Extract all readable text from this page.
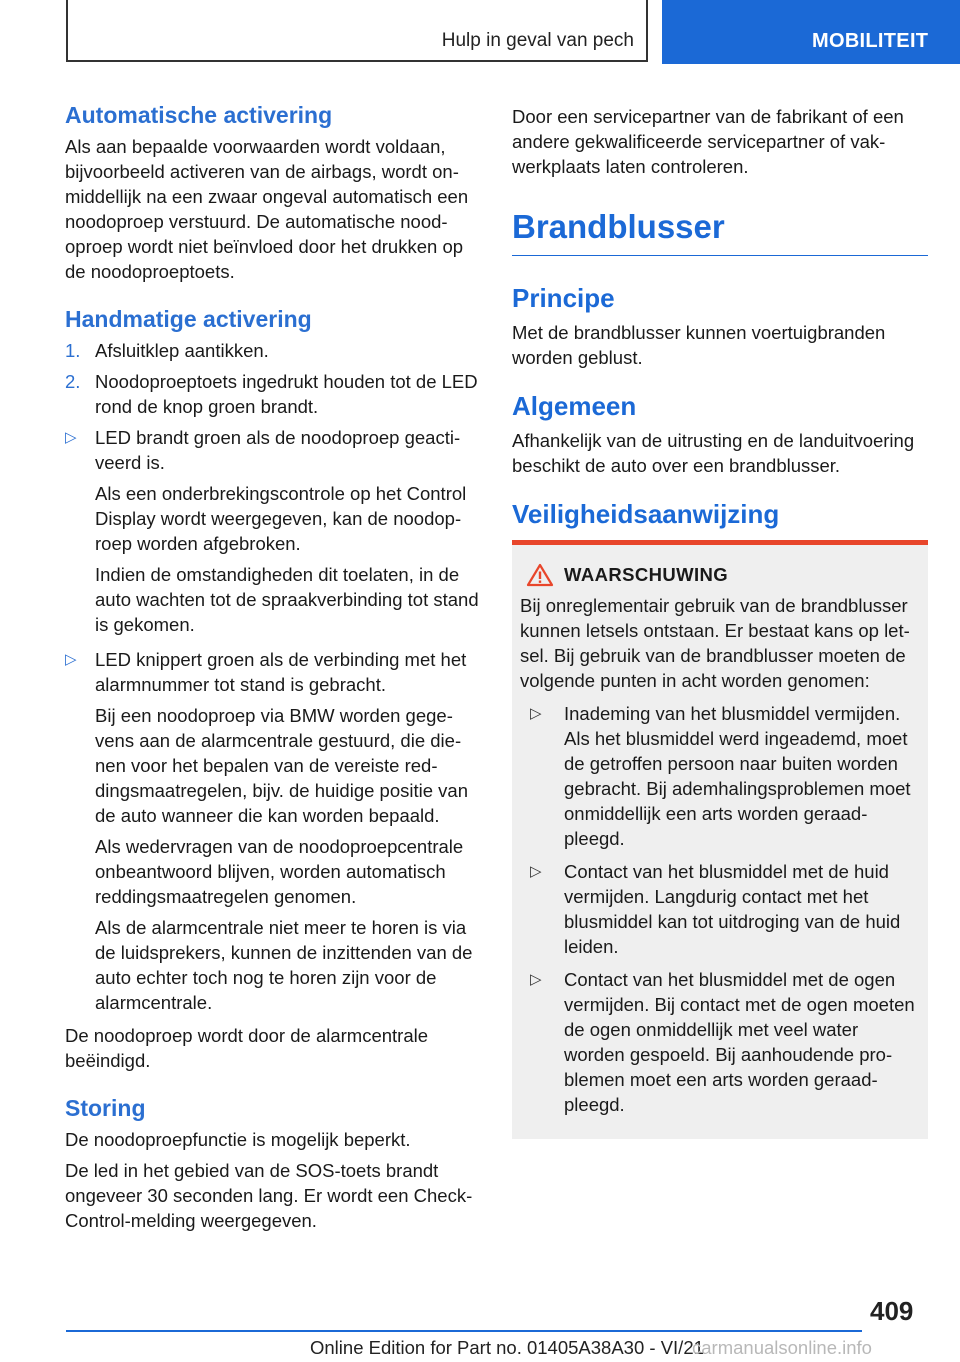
Hulp in geval van pech	MOBILITEIT
Automatische activering

Als aan bepaalde voorwaarden wordt voldaan, bijvoorbeeld activeren van de airbags, wordt onmiddellijk na een zwaar ongeval automatisch een noodoproep verstuurd. De automatische noodoproep wordt niet beïnvloed door het drukken op de noodoproeptoets.

Handmatige activering
1. Afsluitklep aantikken.
2. Noodoproeptoets ingedrukt houden tot de LED rond de knop groen brandt.
▷ LED brandt groen als de noodoproep geactiveerd is.

Als een onderbrekingscontrole op het Control Display wordt weergegeven, kan de noodoproep worden afgebroken.

Indien de omstandigheden dit toelaten, in de auto wachten tot de spraakverbinding tot stand is gekomen.

▷ LED knippert groen als de verbinding met het alarmnummer tot stand is gebracht.

Bij een noodoproep via BMW worden gegevens aan de alarmcentrale gestuurd, die dienen voor het bepalen van de vereiste reddingsmaatregelen, bijv. de huidige positie van de auto wanneer die kan worden bepaald.

Als wedervragen van de noodoproepcentrale onbeantwoord blijven, worden automatisch reddingsmaatregelen genomen.

Als de alarmcentrale niet meer te horen is via de luidsprekers, kunnen de inzittenden van de auto echter toch nog te horen zijn voor de alarmcentrale.

De noodoproep wordt door de alarmcentrale beëindigd.

Storing

De noodoproepfunctie is mogelijk beperkt.

De led in het gebied van de SOS-toets brandt ongeveer 30 seconden lang. Er wordt een Check-Control-melding weergegeven.

Door een servicepartner van de fabrikant of een andere gekwalificeerde servicepartner of vakwerkplaats laten controleren.

Brandblusser
Principe

Met de brandblusser kunnen voertuigbranden worden geblust.

Algemeen

Afhankelijk van de uitrusting en de landuitvoering beschikt de auto over een brandblusser.

Veiligheidsaanwijzing
WAARSCHUWING

Bij onreglementair gebruik van de brandblusser kunnen letsels ontstaan. Er bestaat kans op letsel. Bij gebruik van de brandblusser moeten de volgende punten in acht worden genomen:

▷	Inademing van het blusmiddel vermijden. Als het blusmiddel werd ingeademd, moet de getroffen persoon naar buiten worden gebracht. Bij ademhalingsproblemen moet onmiddellijk een arts worden geraadpleegd.
▷	Contact van het blusmiddel met de huid vermijden. Langdurig contact met het blusmiddel kan tot uitdroging van de huid leiden.
▷	Contact van het blusmiddel met de ogen vermijden. Bij contact met de ogen moeten de ogen onmiddellijk met veel water worden gespoeld. Bij aanhoudende problemen moet een arts worden geraadpleegd.
409
Online Edition for Part no. 01405A38A30 - VI/21
carmanualsonline.info
